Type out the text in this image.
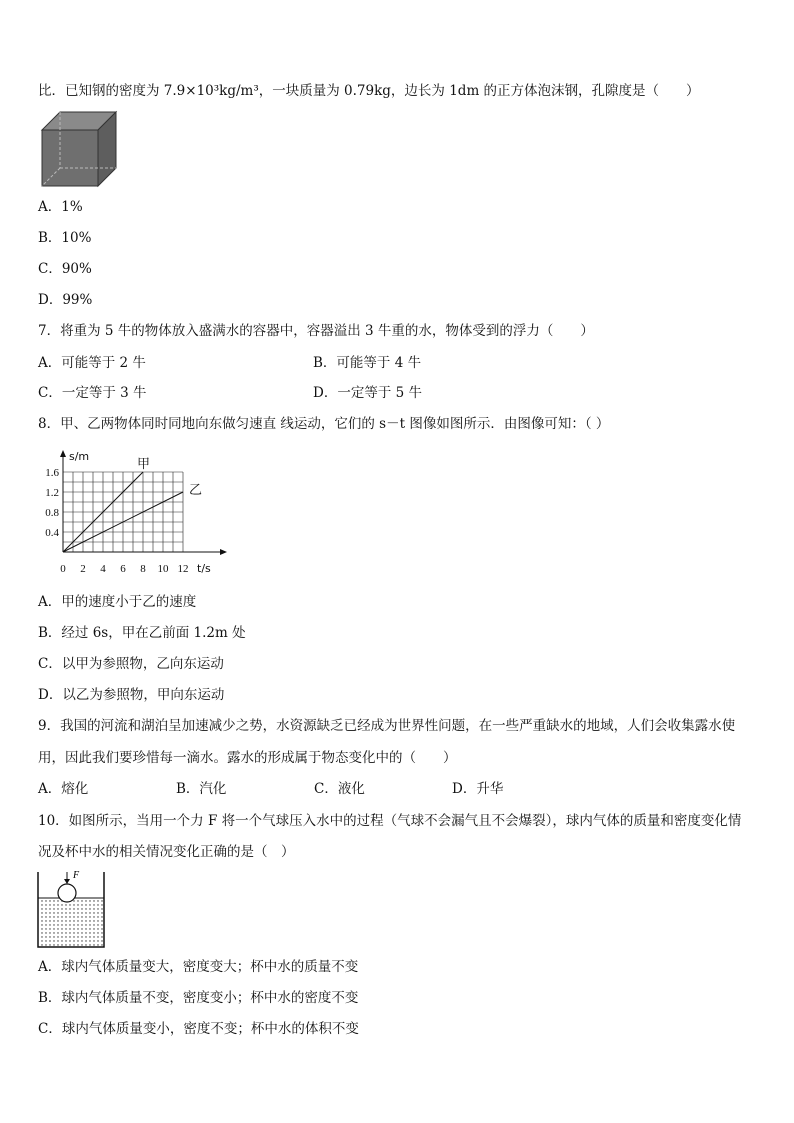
比．已知钢的密度为 7.9×10³kg/m³，一块质量为 0.79kg，边长为 1dm 的正方体泡沫钢，孔隙度是（　　）
A．1%
B．10%
C．90%
D．99%
7．将重为 5 牛的物体放入盛满水的容器中，容器溢出 3 牛重的水，物体受到的浮力（　　）
A．可能等于 2 牛	B．可能等于 4 牛
C．一定等于 3 牛	D．一定等于 5 牛
8．甲、乙两物体同时同地向东做匀速直 线运动，它们的 s－t 图像如图所示．由图像可知：（ ）
s/m
t/s
0 2 4 6 8 10 12
0.4
0.8
1.2
1.6
甲
乙
A．甲的速度小于乙的速度
B．经过 6s，甲在乙前面 1.2m 处
C．以甲为参照物，乙向东运动
D．以乙为参照物，甲向东运动
9．我国的河流和湖泊呈加速减少之势，水资源缺乏已经成为世界性问题，在一些严重缺水的地域，人们会收集露水使
用，因此我们要珍惜每一滴水。露水的形成属于物态变化中的（　　）
A．熔化	B．汽化	C．液化	D．升华
10．如图所示，当用一个力 F 将一个气球压入水中的过程（气球不会漏气且不会爆裂），球内气体的质量和密度变化情
况及杯中水的相关情况变化正确的是（　）
F
A．球内气体质量变大，密度变大；杯中水的质量不变
B．球内气体质量不变，密度变小；杯中水的密度不变
C．球内气体质量变小，密度不变；杯中水的体积不变
